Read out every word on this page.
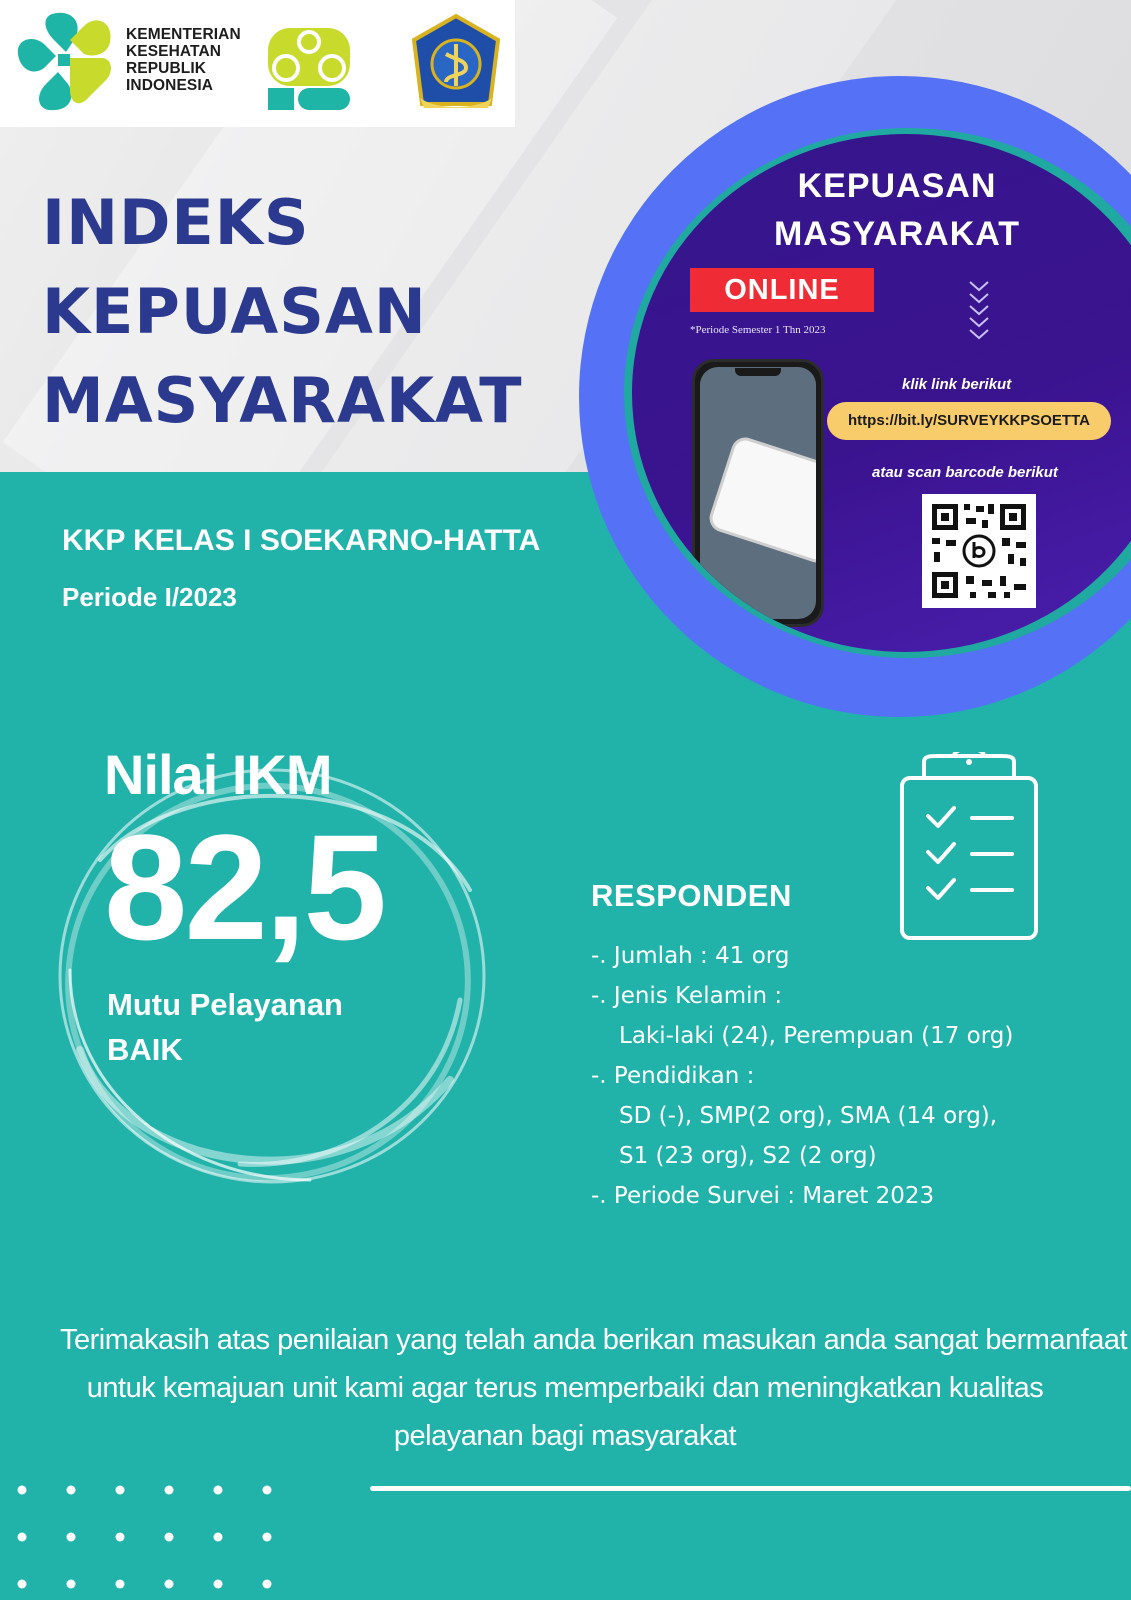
KEMENTERIAN
KESEHATAN
REPUBLIK
INDONESIA
INDEKS
KEPUASAN
MASYARAKAT
KEPUASAN
MASYARAKAT
ONLINE
*Periode Semester 1 Thn 2023
klik link berikut
https://bit.ly/SURVEYKKPSOETTA
atau scan barcode berikut
KKP KELAS I SOEKARNO-HATTA
Periode I/2023
Nilai IKM
82,5
Mutu Pelayanan
BAIK
RESPONDEN
-. Jumlah : 41 org
-. Jenis Kelamin :
Laki-laki (24), Perempuan (17 org)
-. Pendidikan :
SD (-), SMP(2 org), SMA (14 org),
S1 (23 org), S2 (2 org)
-. Periode Survei : Maret 2023
Terimakasih atas penilaian yang telah anda berikan masukan anda sangat bermanfaat
untuk kemajuan unit kami agar terus memperbaiki dan meningkatkan kualitas
pelayanan bagi masyarakat
